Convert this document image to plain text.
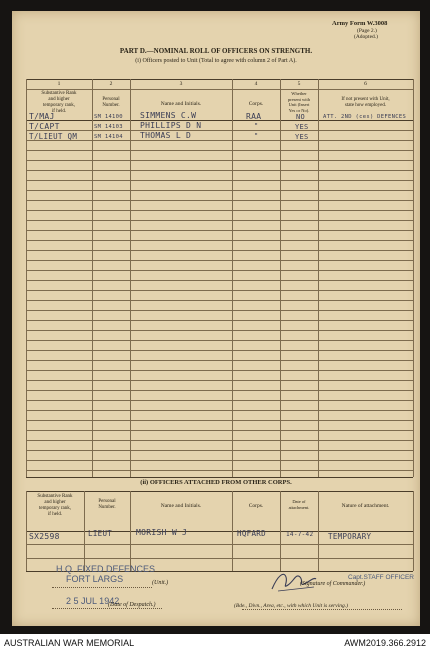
Army Form W.3008
(Page 2.)
(Adopted.)
PART D.—NOMINAL ROLL OF OFFICERS ON STRENGTH.
(i) Officers posted to Unit (Total to agree with column 2 of Part A).
1	2	3	4	5	6
Substantive Rank
and higher
temporary rank,
if held.
Personal
Number.	Name and Initials.	Corps.
Whether
present with
Unit (Insert
Yes or No).
If not present with Unit,
state how employed.
T/MAJ	SM 14100 SIMMENS C.W	RAA	NO	ATT. 2ND (ces) DEFENCES
T/CAPT	SM 14103 PHILLIPS D N	"	YES
T/LIEUT QM	SM 14104 THOMAS L D	"	YES
(ii) OFFICERS ATTACHED FROM OTHER CORPS.
Substantive Rank
and higher
temporary rank,
if held.
Personal
Number.	Name and Initials.	Corps.
Date of
attachment.	Nature of attachment.
SX2598	LIEUT	MORISH W J	HQFARD	14-7-42 TEMPORARY
H.Q. FIXED DEFENCES
FORT LARGS	(Unit.)
2 5 JUL 1942
(Date of Despatch.)
Capt.STAFF OFFICER
(Signature of Commander.)
(Bde., Divn., Area, etc., with which Unit is serving.)
AUSTRALIAN WAR MEMORIAL	AWM2019.366.2912
